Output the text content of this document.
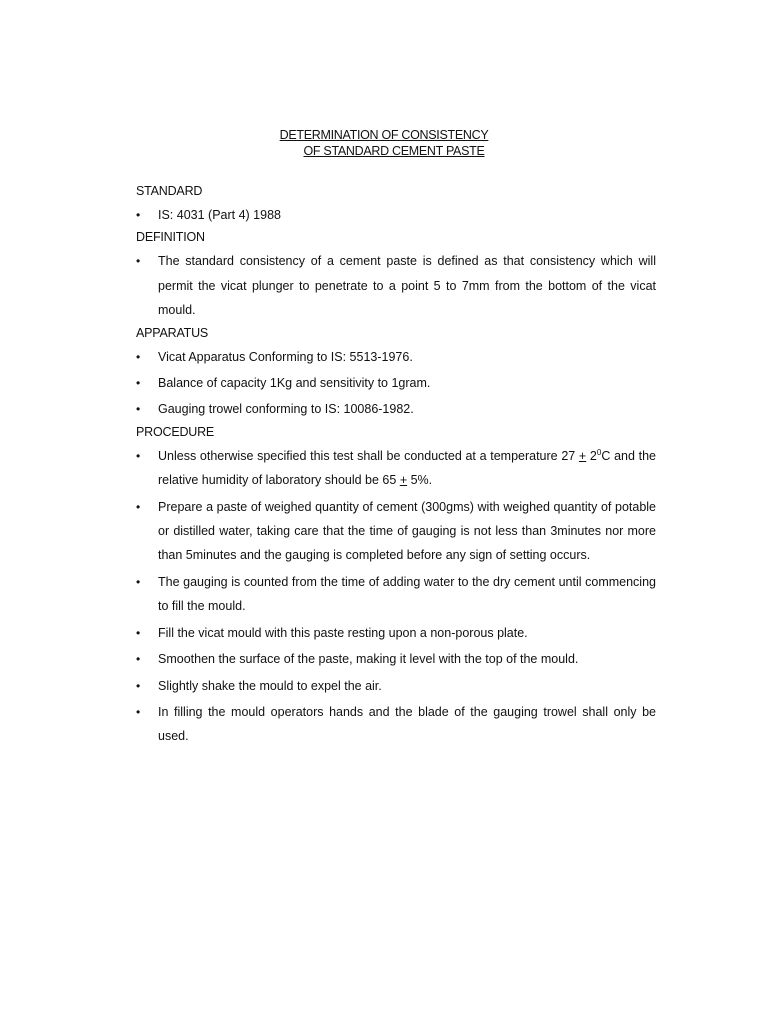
DETERMINATION OF CONSISTENCY
OF STANDARD CEMENT PASTE

STANDARD

• IS: 4031 (Part 4) 1988

DEFINITION

• The standard consistency of a cement paste is defined as that consistency which will permit the vicat plunger to penetrate to a point 5 to 7mm from the bottom of the vicat mould.

APPARATUS

• Vicat Apparatus Conforming to IS: 5513-1976.
• Balance of capacity 1Kg and sensitivity to 1gram.
• Gauging trowel conforming to IS: 10086-1982.

PROCEDURE

• Unless otherwise specified this test shall be conducted at a temperature $27 + 2^0C$ and the relative humidity of laboratory should be 65 + 5%.
• Prepare a paste of weighed quantity of cement (300gms) with weighed quantity of potable or distilled water, taking care that the time of gauging is not less than 3minutes nor more than 5minutes and the gauging is completed before any sign of setting occurs.
• The gauging is counted from the time of adding water to the dry cement until commencing to fill the mould.
• Fill the vicat mould with this paste resting upon a non-porous plate.
• Smoothen the surface of the paste, making it level with the top of the mould.
• Slightly shake the mould to expel the air.
• In filling the mould operators hands and the blade of the gauging trowel shall only be used.
